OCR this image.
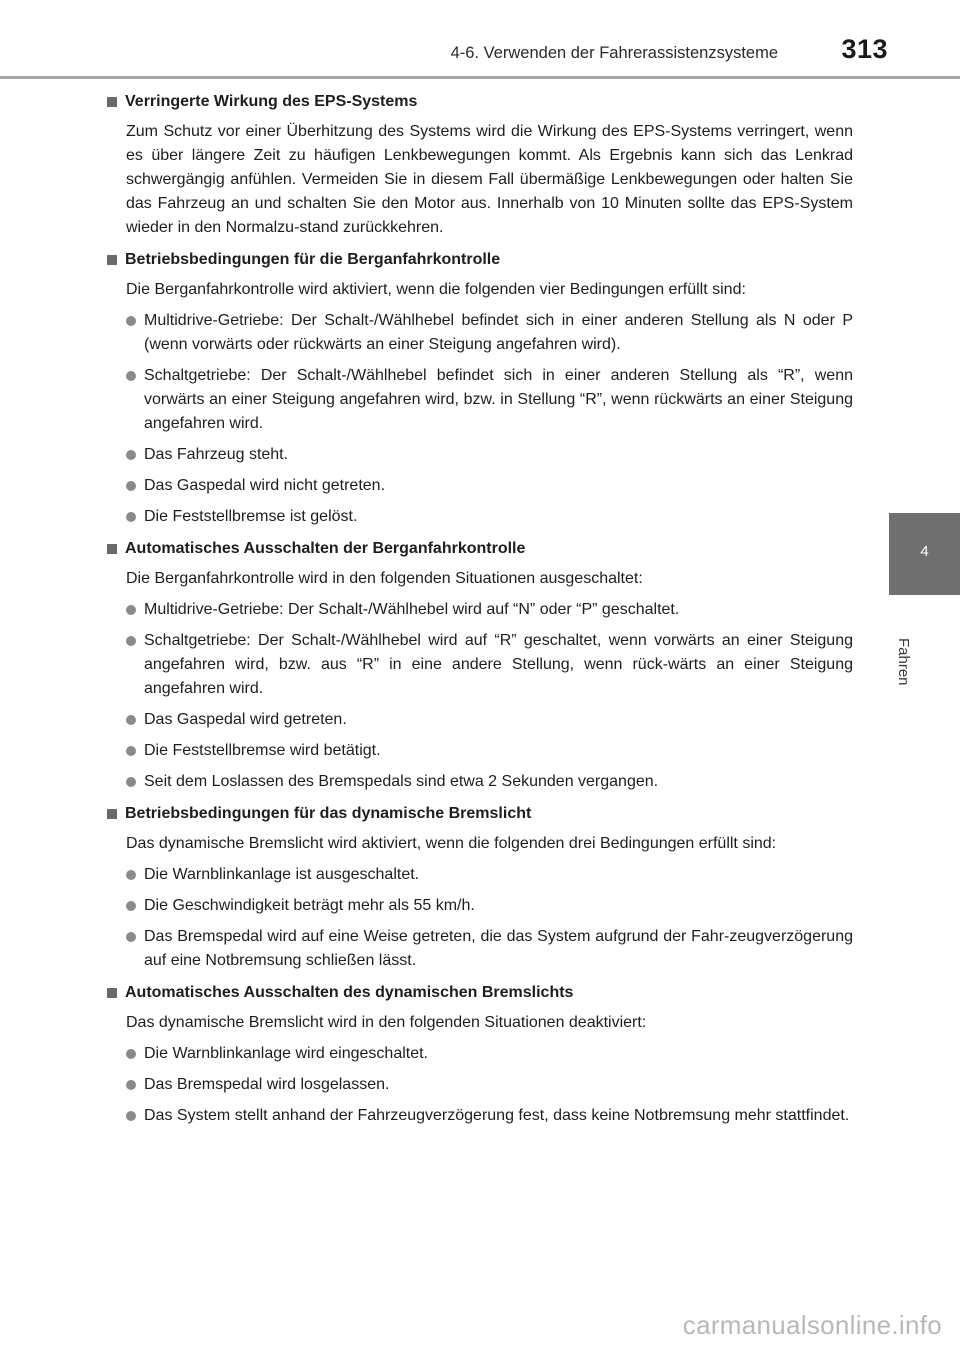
4-6. Verwenden der Fahrerassistenzsysteme 313
4
Fahren
Verringerte Wirkung des EPS-Systems
Zum Schutz vor einer Überhitzung des Systems wird die Wirkung des EPS-Systems verringert, wenn es über längere Zeit zu häufigen Lenkbewegungen kommt. Als Ergebnis kann sich das Lenkrad schwergängig anfühlen. Vermeiden Sie in diesem Fall übermäßige Lenkbewegungen oder halten Sie das Fahrzeug an und schalten Sie den Motor aus. Innerhalb von 10 Minuten sollte das EPS-System wieder in den Normalzu-stand zurückkehren.
Betriebsbedingungen für die Berganfahrkontrolle
Die Berganfahrkontrolle wird aktiviert, wenn die folgenden vier Bedingungen erfüllt sind:
Multidrive-Getriebe: Der Schalt-/Wählhebel befindet sich in einer anderen Stellung als N oder P (wenn vorwärts oder rückwärts an einer Steigung angefahren wird).
Schaltgetriebe: Der Schalt-/Wählhebel befindet sich in einer anderen Stellung als “R”, wenn vorwärts an einer Steigung angefahren wird, bzw. in Stellung “R”, wenn rückwärts an einer Steigung angefahren wird.
Das Fahrzeug steht.
Das Gaspedal wird nicht getreten.
Die Feststellbremse ist gelöst.
Automatisches Ausschalten der Berganfahrkontrolle
Die Berganfahrkontrolle wird in den folgenden Situationen ausgeschaltet:
Multidrive-Getriebe: Der Schalt-/Wählhebel wird auf “N” oder “P” geschaltet.
Schaltgetriebe: Der Schalt-/Wählhebel wird auf “R” geschaltet, wenn vorwärts an einer Steigung angefahren wird, bzw. aus “R” in eine andere Stellung, wenn rück-wärts an einer Steigung angefahren wird.
Das Gaspedal wird getreten.
Die Feststellbremse wird betätigt.
Seit dem Loslassen des Bremspedals sind etwa 2 Sekunden vergangen.
Betriebsbedingungen für das dynamische Bremslicht
Das dynamische Bremslicht wird aktiviert, wenn die folgenden drei Bedingungen erfüllt sind:
Die Warnblinkanlage ist ausgeschaltet.
Die Geschwindigkeit beträgt mehr als 55 km/h.
Das Bremspedal wird auf eine Weise getreten, die das System aufgrund der Fahr-zeugverzögerung auf eine Notbremsung schließen lässt.
Automatisches Ausschalten des dynamischen Bremslichts
Das dynamische Bremslicht wird in den folgenden Situationen deaktiviert:
Die Warnblinkanlage wird eingeschaltet.
Das Bremspedal wird losgelassen.
Das System stellt anhand der Fahrzeugverzögerung fest, dass keine Notbremsung mehr stattfindet.
carmanualsonline.info
